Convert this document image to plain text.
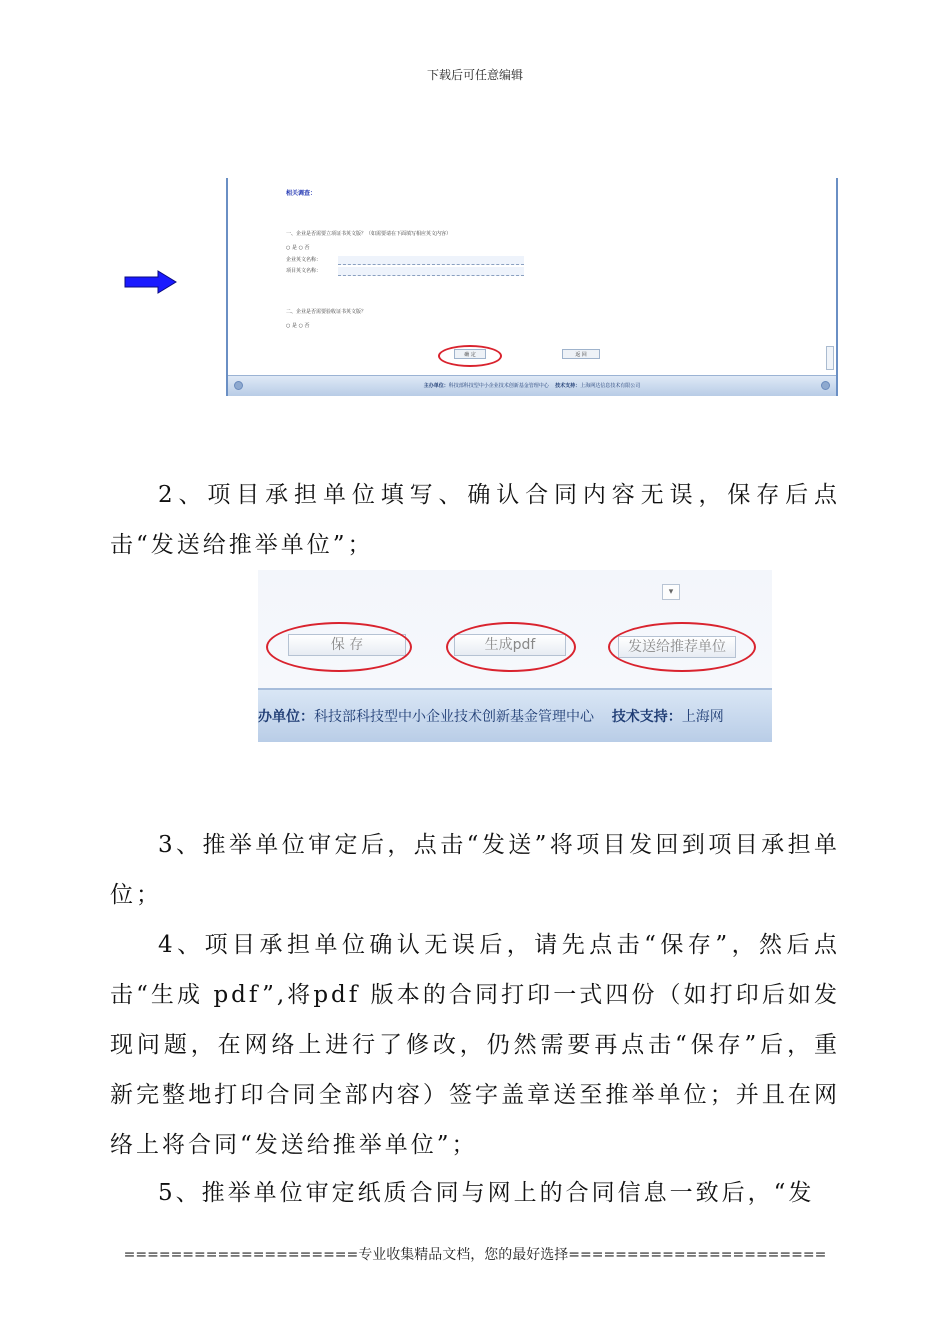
下载后可任意编辑
相关调查：
一、企业是否需要立项证书英文版？（如需要请在下面填写相应英文内容）
○ 是 ○ 否
企业英文名称：
项目英文名称：
二、企业是否需要验收证书英文版？
○ 是 ○ 否
确 定	返 回
主办单位：科技部科技型中小企业技术创新基金管理中心 技术支持：上海网达信息技术有限公司
2、项目承担单位填写、确认合同内容无误，保存后点击“发送给推举单位”；
▾
保 存	生成pdf	发送给推荐单位
办单位：科技部科技型中小企业技术创新基金管理中心 技术支持：上海网
3、推举单位审定后，点击“发送”将项目发回到项目承担单位；
4、项目承担单位确认无误后，请先点击“保存”，然后点击“生成 pdf”,将pdf 版本的合同打印一式四份（如打印后如发现问题，在网络上进行了修改，仍然需要再点击“保存”后，重新完整地打印合同全部内容）签字盖章送至推举单位；并且在网络上将合同“发送给推举单位”；
5、推举单位审定纸质合同与网上的合同信息一致后，“发
====================专业收集精品文档，您的最好选择======================
